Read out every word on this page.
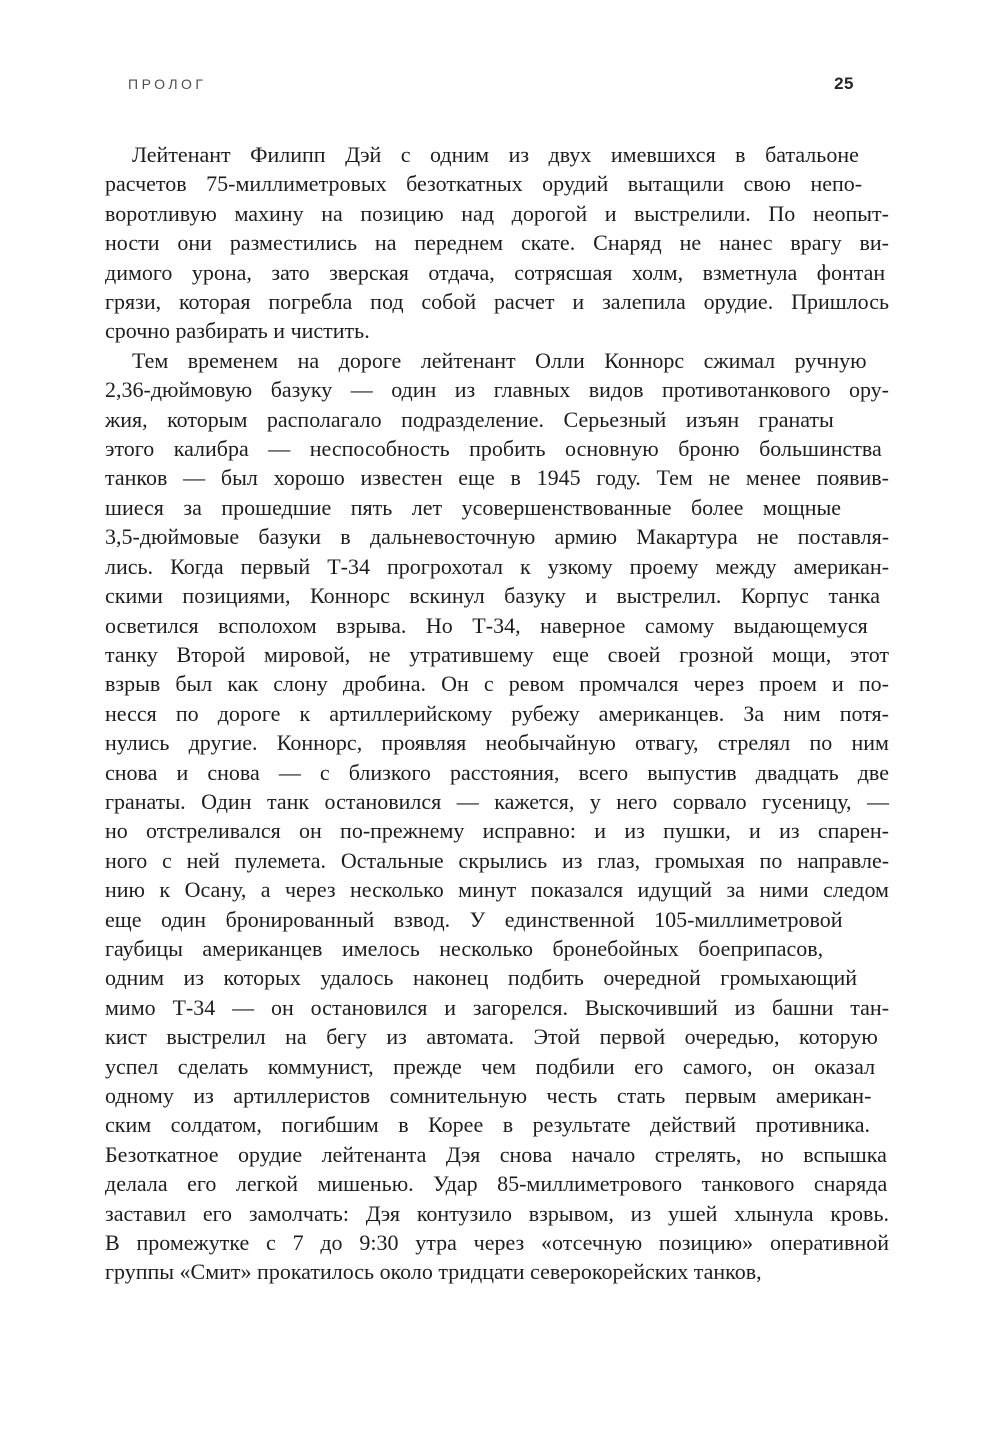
ПРОЛОГ	25
Лейтенант Филипп Дэй с одним из двух имевшихся в батальоне
расчетов 75-миллиметровых безоткатных орудий вытащили свою непо-
воротливую махину на позицию над дорогой и выстрелили. По неопыт-
ности они разместились на переднем скате. Снаряд не нанес врагу ви-
димого урона, зато зверская отдача, сотрясшая холм, взметнула фонтан
грязи, которая погребла под собой расчет и залепила орудие. Пришлось
срочно разбирать и чистить.
Тем временем на дороге лейтенант Олли Коннорс сжимал ручную
2,36-дюймовую базуку — один из главных видов противотанкового ору-
жия, которым располагало подразделение. Серьезный изъян гранаты
этого калибра — неспособность пробить основную броню большинства
танков — был хорошо известен еще в 1945 году. Тем не менее появив-
шиеся за прошедшие пять лет усовершенствованные более мощные
3,5-дюймовые базуки в дальневосточную армию Макартура не поставля-
лись. Когда первый Т-34 прогрохотал к узкому проему между американ-
скими позициями, Коннорс вскинул базуку и выстрелил. Корпус танка
осветился всполохом взрыва. Но Т-34, наверное самому выдающемуся
танку Второй мировой, не утратившему еще своей грозной мощи, этот
взрыв был как слону дробина. Он с ревом промчался через проем и по-
несся по дороге к артиллерийскому рубежу американцев. За ним потя-
нулись другие. Коннорс, проявляя необычайную отвагу, стрелял по ним
снова и снова — с близкого расстояния, всего выпустив двадцать две
гранаты. Один танк остановился — кажется, у него сорвало гусеницу, —
но отстреливался он по-прежнему исправно: и из пушки, и из спарен-
ного с ней пулемета. Остальные скрылись из глаз, громыхая по направле-
нию к Осану, а через несколько минут показался идущий за ними следом
еще один бронированный взвод. У единственной 105-миллиметровой
гаубицы американцев имелось несколько бронебойных боеприпасов,
одним из которых удалось наконец подбить очередной громыхающий
мимо Т-34 — он остановился и загорелся. Выскочивший из башни тан-
кист выстрелил на бегу из автомата. Этой первой очередью, которую
успел сделать коммунист, прежде чем подбили его самого, он оказал
одному из артиллеристов сомнительную честь стать первым американ-
ским солдатом, погибшим в Корее в результате действий противника.
Безоткатное орудие лейтенанта Дэя снова начало стрелять, но вспышка
делала его легкой мишенью. Удар 85-миллиметрового танкового снаряда
заставил его замолчать: Дэя контузило взрывом, из ушей хлынула кровь.
В промежутке с 7 до 9:30 утра через «отсечную позицию» оперативной
группы «Смит» прокатилось около тридцати северокорейских танков,
